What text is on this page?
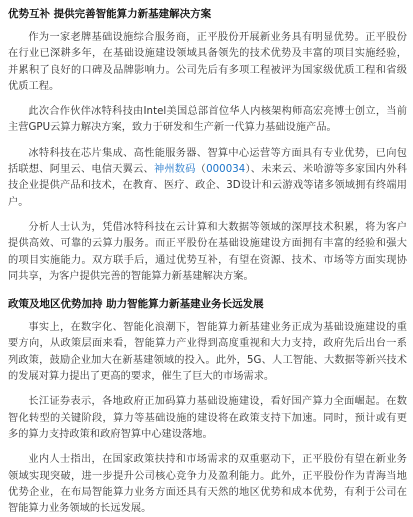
优势互补 提供完善智能算力新基建解决方案

作为一家老牌基础设施综合服务商，正平股份开展新业务具有明显优势。正平股份在行业已深耕多年，在基础设施建设领域具备领先的技术优势及丰富的项目实施经验，并累积了良好的口碑及品牌影响力。公司先后有多项工程被评为国家级优质工程和省级优质工程。

此次合作伙伴冰特科技由Intel美国总部首位华人内核架构师高宏亮博士创立，当前主营GPU云算力解决方案，致力于研发和生产新一代算力基础设施产品。

冰特科技在芯片集成、高性能服务器、智算中心运营等方面具有专业优势，已向包括联想、阿里云、电信天翼云、神州数码（000034）、未来云、米哈游等多家国内外科技企业提供产品和技术，在教育、医疗、政企、3D设计和云游戏等诸多领域拥有终端用户。

分析人士认为，凭借冰特科技在云计算和大数据等领域的深厚技术积累，将为客户提供高效、可靠的云算力服务。而正平股份在基础设施建设方面拥有丰富的经验和强大的项目实施能力。双方联手后，通过优势互补，有望在资源、技术、市场等方面实现协同共享，为客户提供完善的智能算力新基建解决方案。

政策及地区优势加持 助力智能算力新基建业务长远发展

事实上，在数字化、智能化浪潮下，智能算力新基建业务正成为基础设施建设的重要方向，从政策层面来看，智能算力产业得到高度重视和大力支持，政府先后出台一系列政策，鼓励企业加大在新基建领域的投入。此外，5G、人工智能、大数据等新兴技术的发展对算力提出了更高的要求，催生了巨大的市场需求。

长江证券表示，各地政府正加码算力基础设施建设，看好国产算力全面崛起。在数智化转型的关键阶段，算力等基础设施的建设将在政策支持下加速。同时，预计或有更多的算力支持政策和政府智算中心建设落地。

业内人士指出，在国家政策扶持和市场需求的双重驱动下，正平股份有望在新业务领域实现突破，进一步提升公司核心竞争力及盈利能力。此外，正平股份作为青海当地优势企业，在布局智能算力业务方面还具有天然的地区优势和成本优势，有利于公司在智能算力业务领域的长远发展。
